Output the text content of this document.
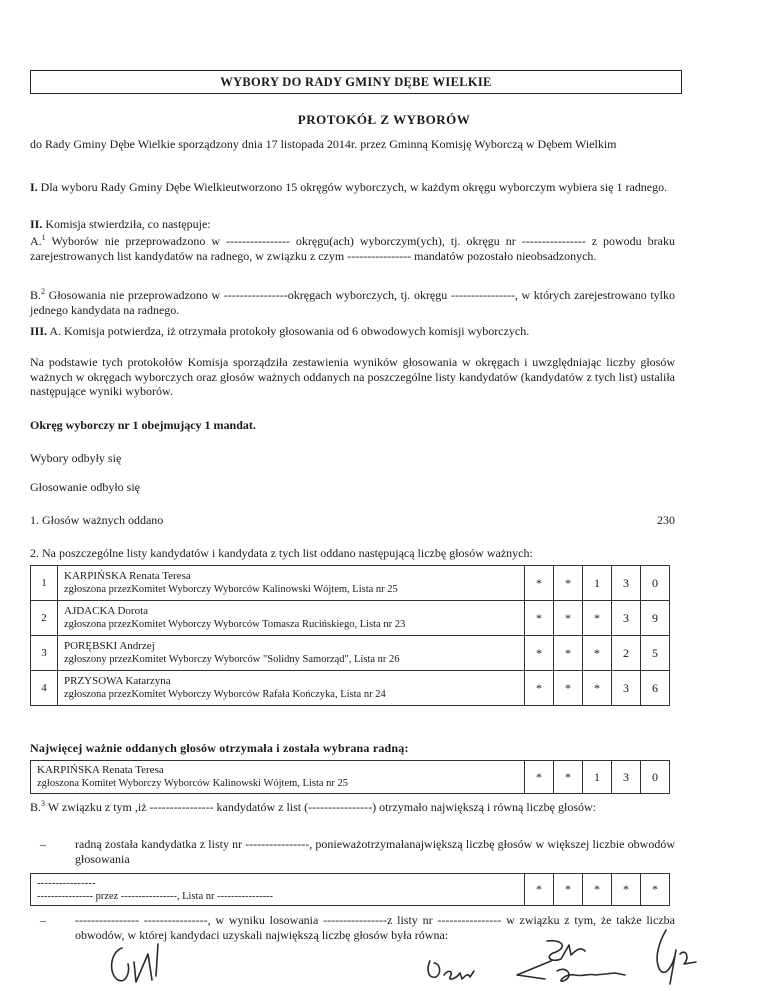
WYBORY DO RADY GMINY DĘBE WIELKIE
PROTOKÓŁ Z WYBORÓW
do Rady Gminy Dębe Wielkie sporządzony dnia 17 listopada 2014r. przez Gminną Komisję Wyborczą w Dębem Wielkim
I. Dla wyboru Rady Gminy Dębe Wielkieutworzono 15 okręgów wyborczych, w każdym okręgu wyborczym wybiera się 1 radnego.
II. Komisja stwierdziła, co następuje:
A.$^1$ Wyborów nie przeprowadzono w ---------------- okręgu(ach) wyborczym(ych), tj. okręgu nr ---------------- z powodu braku zarejestrowanych list kandydatów na radnego, w związku z czym ---------------- mandatów pozostało nieobsadzonych.
B.$^2$ Głosowania nie przeprowadzono w ----------------okręgach wyborczych, tj. okręgu ----------------, w których zarejestrowano tylko jednego kandydata na radnego.
III. A. Komisja potwierdza, iż otrzymała protokoły głosowania od 6 obwodowych komisji wyborczych.
Na podstawie tych protokołów Komisja sporządziła zestawienia wyników głosowania w okręgach i uwzględniając liczby głosów ważnych w okręgach wyborczych oraz głosów ważnych oddanych na poszczególne listy kandydatów (kandydatów z tych list) ustaliła następujące wyniki wyborów.
Okręg wyborczy nr 1 obejmujący 1 mandat.
Wybory odbyły się
Głosowanie odbyło się
1. Głosów ważnych oddano	230
2. Na poszczególne listy kandydatów i kandydata z tych list oddano następującą liczbę głosów ważnych:
1	KARPIŃSKA Renata Teresa
zgłoszona przezKomitet Wyborczy Wyborców Kalinowski Wójtem, Lista nr 25	*	*	1	3	0
2	AJDACKA Dorota
zgłoszona przezKomitet Wyborczy Wyborców Tomasza Rucińskiego, Lista nr 23	*	*	*	3	9
3	PORĘBSKI Andrzej
zgłoszony przezKomitet Wyborczy Wyborców "Solidny Samorząd", Lista nr 26	*	*	*	2	5
4	PRZYSOWA Katarzyna
zgłoszona przezKomitet Wyborczy Wyborców Rafała Kończyka, Lista nr 24	*	*	*	3	6
Najwięcej ważnie oddanych głosów otrzymała i została wybrana radną:
KARPIŃSKA Renata Teresa
zgłoszona Komitet Wyborczy Wyborców Kalinowski Wójtem, Lista nr 25	*	*	1	3	0
B.$^3$ W związku z tym ,iż ---------------- kandydatów z list (----------------) otrzymało największą i równą liczbę głosów:
– radną została kandydatka z listy nr ----------------, ponieważotrzymałanajwiększą liczbę głosów w większej liczbie obwodów głosowania
----------------
---------------- przez ----------------, Lista nr ----------------	*	*	*	*	*
– ---------------- ----------------, w wyniku losowania ----------------z listy nr ---------------- w związku z tym, że także liczba obwodów, w której kandydaci uzyskali największą liczbę głosów była równa:
